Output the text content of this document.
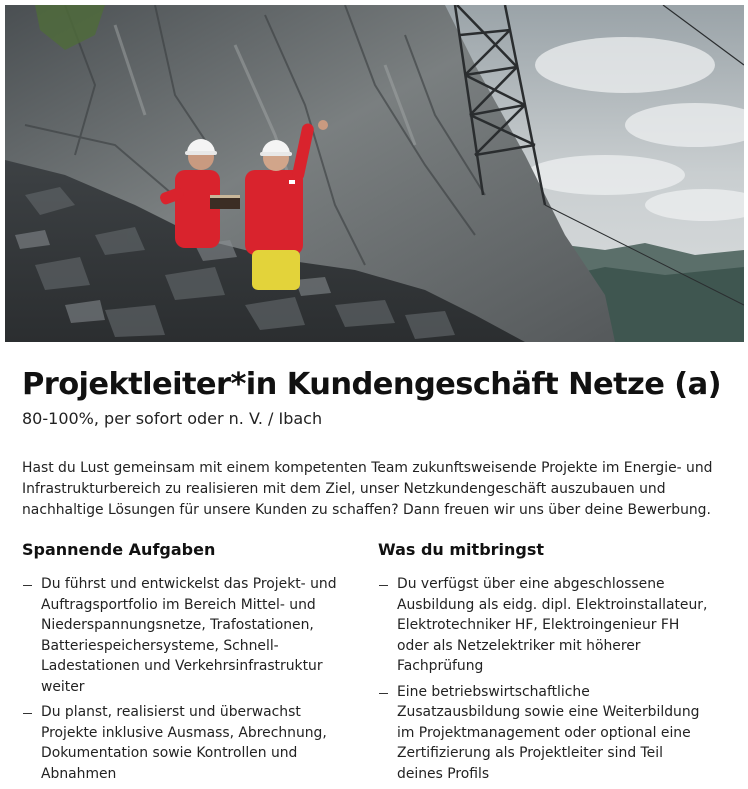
Projektleiter*in Kundengeschäft Netze (a)

80-100%, per sofort oder n. V. / Ibach

Hast du Lust gemeinsam mit einem kompetenten Team zukunftsweisende Projekte im Energie- und Infrastrukturbereich zu realisieren mit dem Ziel, unser Netzkundengeschäft auszubauen und nachhaltige Lösungen für unsere Kunden zu schaffen? Dann freuen wir uns über deine Bewerbung.

Spannende Aufgaben
Du führst und entwickelst das Projekt- und Auftragsportfolio im Bereich Mittel- und Niederspannungsnetze, Trafostationen, Batteriespeichersysteme, Schnell-Ladestationen und Verkehrsinfrastruktur weiter
Du planst, realisierst und überwachst Projekte inklusive Ausmass, Abrechnung, Dokumentation sowie Kontrollen und Abnahmen
Was du mitbringst
Du verfügst über eine abgeschlossene Ausbildung als eidg. dipl. Elektroinstallateur, Elektrotechniker HF, Elektroingenieur FH oder als Netzelektriker mit höherer Fachprüfung
Eine betriebswirtschaftliche Zusatzausbildung sowie eine Weiterbildung im Projektmanagement oder optional eine Zertifizierung als Projektleiter sind Teil deines Profils
